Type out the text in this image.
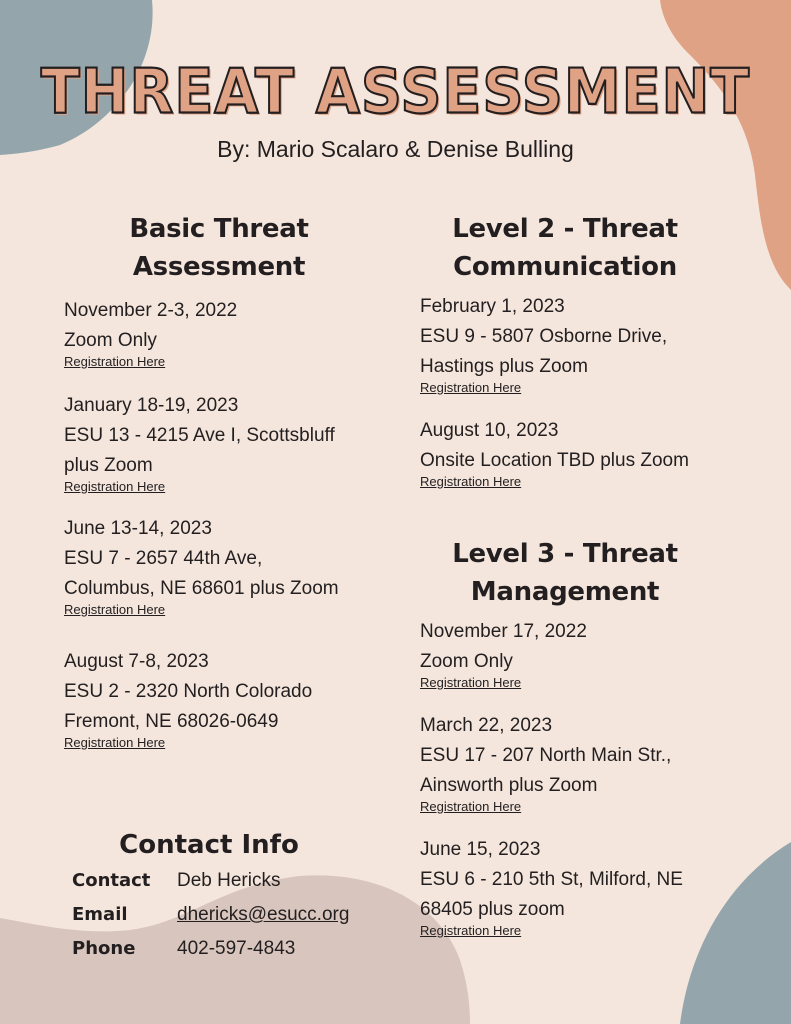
THREAT ASSESSMENT
By: Mario Scalaro & Denise Bulling
Basic Threat
Assessment
November 2-3, 2022
Zoom Only
Registration Here
January 18-19, 2023
ESU 13 - 4215 Ave I, Scottsbluff
plus Zoom
Registration Here
June 13-14, 2023
ESU 7 - 2657 44th Ave,
Columbus, NE 68601 plus Zoom
Registration Here
August 7-8, 2023
ESU 2 - 2320 North Colorado
Fremont, NE 68026-0649
Registration Here
Level 2 - Threat
Communication
February 1, 2023
ESU 9 - 5807 Osborne Drive,
Hastings plus Zoom
Registration Here
August 10, 2023
Onsite Location TBD plus Zoom
Registration Here
Level 3 - Threat
Management
November 17, 2022
Zoom Only
Registration Here
March 22, 2023
ESU 17 - 207 North Main Str.,
Ainsworth plus Zoom
Registration Here
June 15, 2023
ESU 6 - 210 5th St, Milford, NE
68405 plus zoom
Registration Here
Contact Info
Contact Deb Hericks
Email	dhericks@esucc.org
Phone 402-597-4843
